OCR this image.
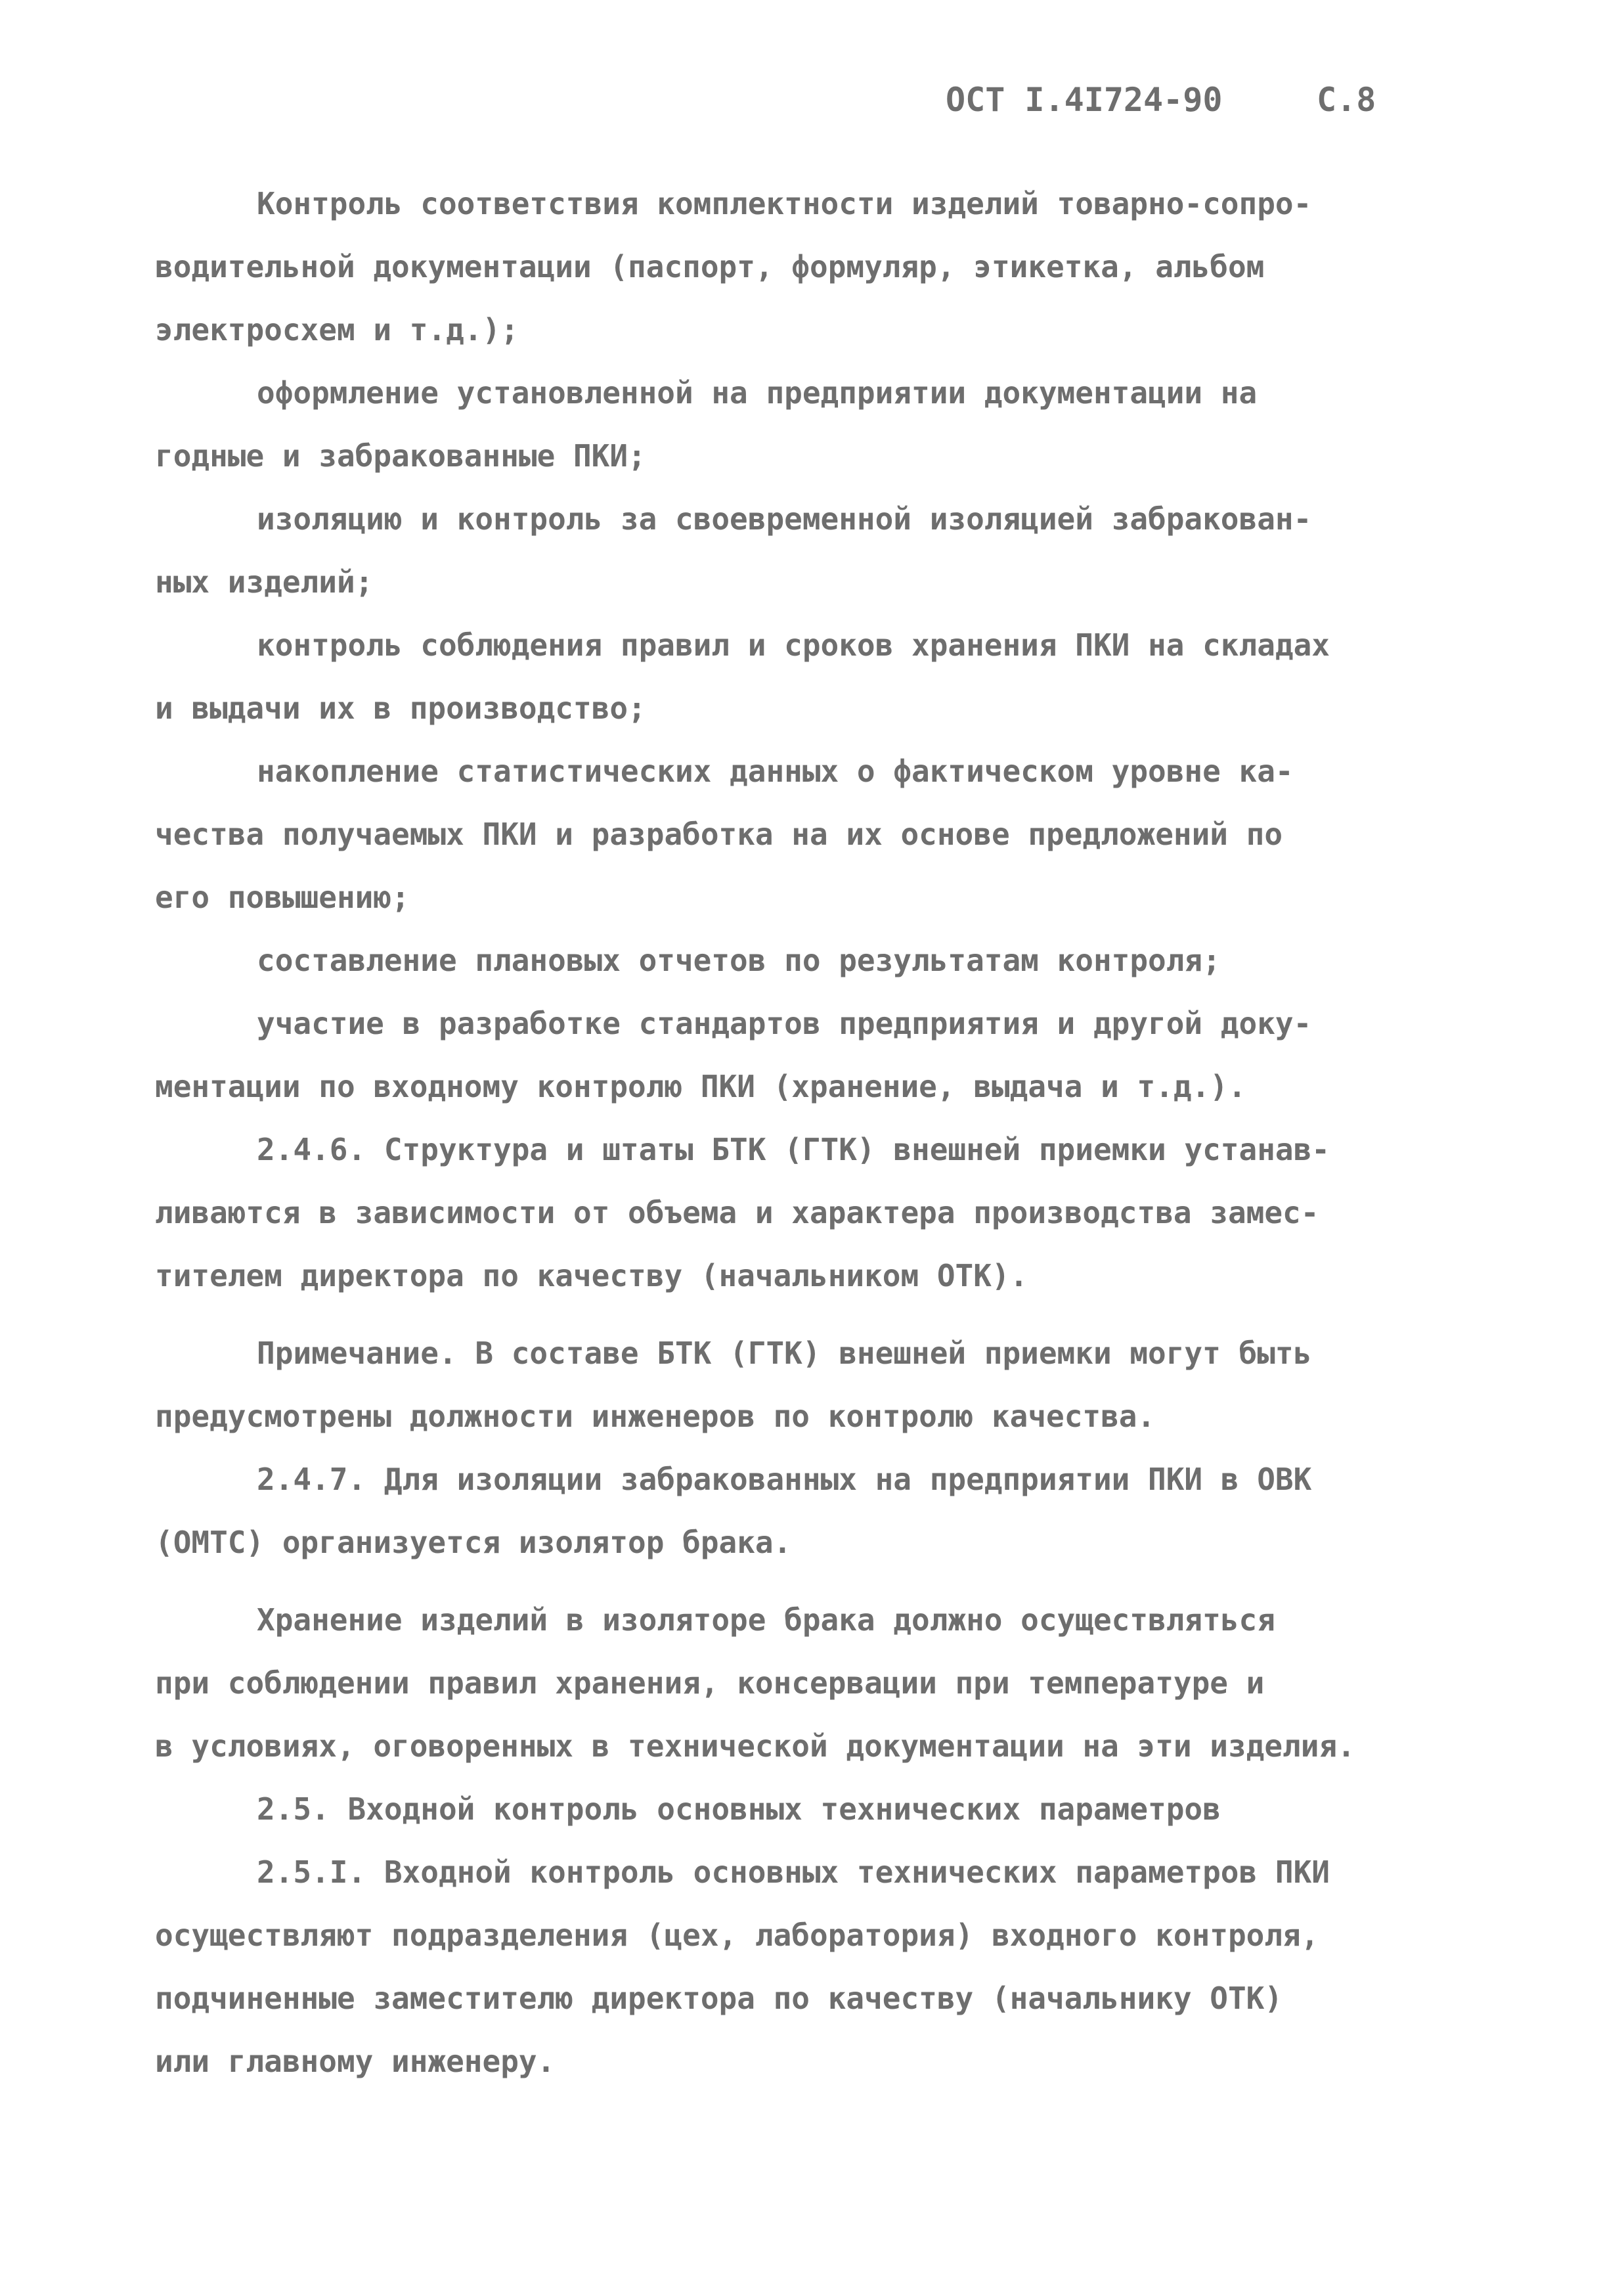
ОСТ I.4I724-90	С.8
Контроль соответствия комплектности изделий товарно-сопро-
водительной документации (паспорт, формуляр, этикетка, альбом
электросхем и т.д.);
оформление установленной на предприятии документации на
годные и забракованные ПКИ;
изоляцию и контроль за своевременной изоляцией забракован-
ных изделий;
контроль соблюдения правил и сроков хранения ПКИ на складах
и выдачи их в производство;
накопление статистических данных о фактическом уровне ка-
чества получаемых ПКИ и разработка на их основе предложений по
его повышению;
составление плановых отчетов по результатам контроля;
участие в разработке стандартов предприятия и другой доку-
ментации по входному контролю ПКИ (хранение, выдача и т.д.).
2.4.6. Структура и штаты БТК (ГТК) внешней приемки устанав-
ливаются в зависимости от объема и характера производства замес-
тителем директора по качеству (начальником ОТК).
Примечание. В составе БТК (ГТК) внешней приемки могут быть
предусмотрены должности инженеров по контролю качества.
2.4.7. Для изоляции забракованных на предприятии ПКИ в ОВК
(ОМТС) организуется изолятор брака.
Хранение изделий в изоляторе брака должно осуществляться
при соблюдении правил хранения, консервации при температуре и
в условиях, оговоренных в технической документации на эти изделия.
2.5. Входной контроль основных технических параметров
2.5.I. Входной контроль основных технических параметров ПКИ
осуществляют подразделения (цех, лаборатория) входного контроля,
подчиненные заместителю директора по качеству (начальнику ОТК)
или главному инженеру.
